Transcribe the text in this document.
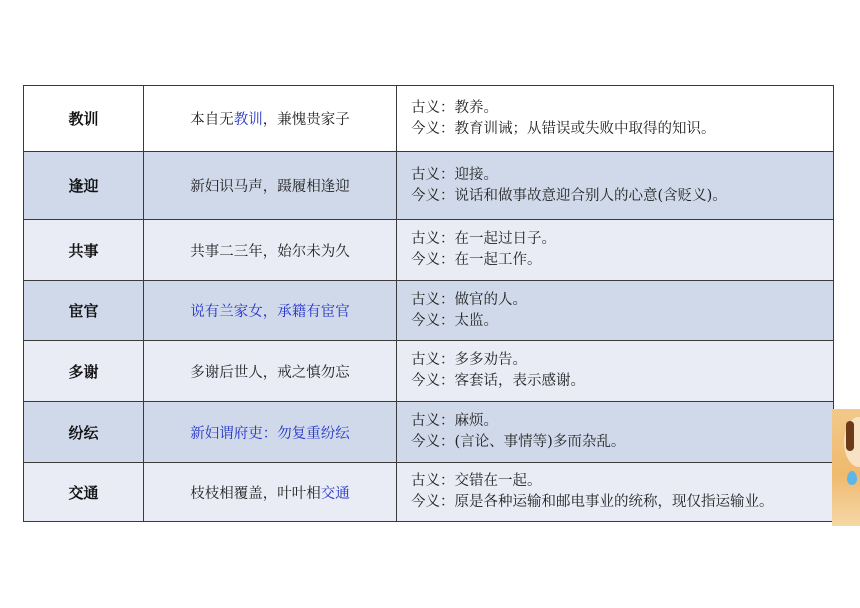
教训	本自无教训，兼愧贵家子	古义：教养。
今义：教育训诫；从错误或失败中取得的知识。

逢迎	新妇识马声，蹑履相逢迎	古义：迎接。
今义：说话和做事故意迎合别人的心意(含贬义)。

共事	共事二三年，始尔未为久	古义：在一起过日子。
今义：在一起工作。

宦官	说有兰家女，承籍有宦官	古义：做官的人。
今义：太监。

多谢	多谢后世人，戒之慎勿忘	古义：多多劝告。
今义：客套话，表示感谢。

纷纭	新妇谓府吏：勿复重纷纭	古义：麻烦。
今义：(言论、事情等)多而杂乱。

交通	枝枝相覆盖，叶叶相交通	古义：交错在一起。
今义：原是各种运输和邮电事业的统称，现仅指运输业。
